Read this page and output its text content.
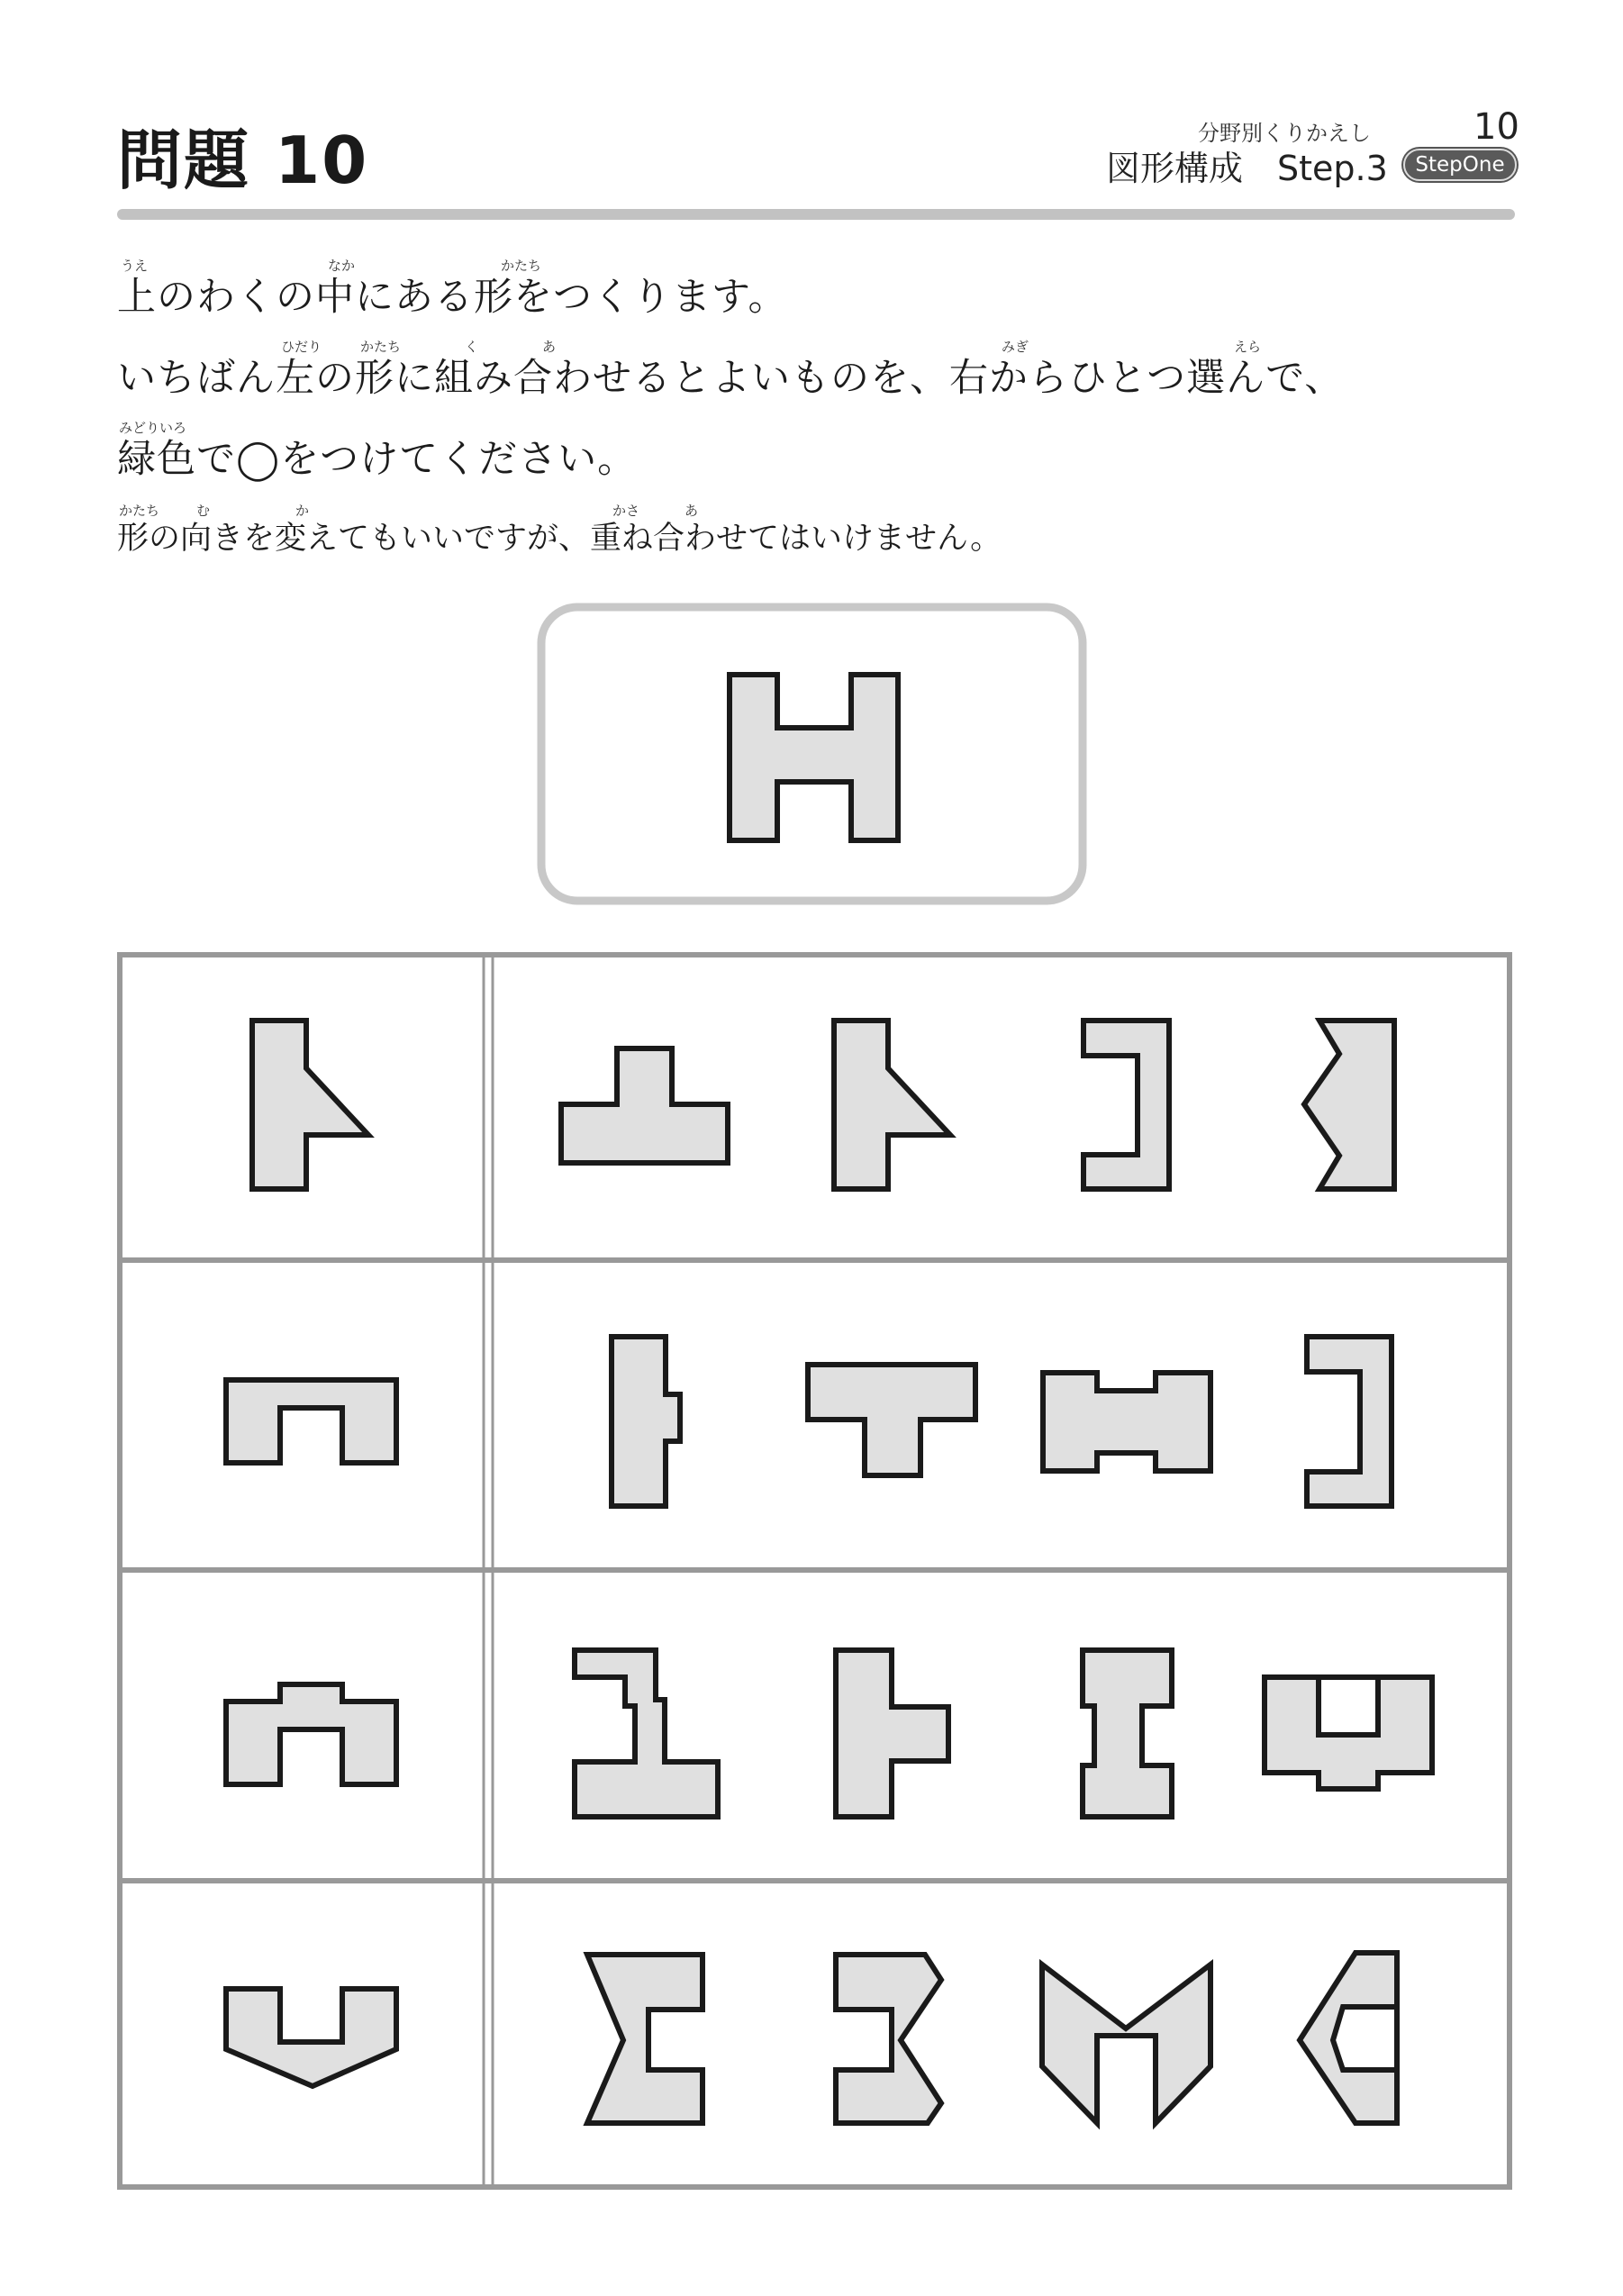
問題 10	分野別くりかえし	10
図形構成　Step.3	StepOne
うえ	なか	かたち
ひだり	かたち	く	あ	みぎ	えら
みどりいろ
かたち	む	か	かさ	あ
上のわくの中にある形をつくります。
いちばん左の形に組み合わせるとよいものを、右からひとつ選んで、
緑色で◯をつけてください。
形の向きを変えてもいいですが、重ね合わせてはいけません。
